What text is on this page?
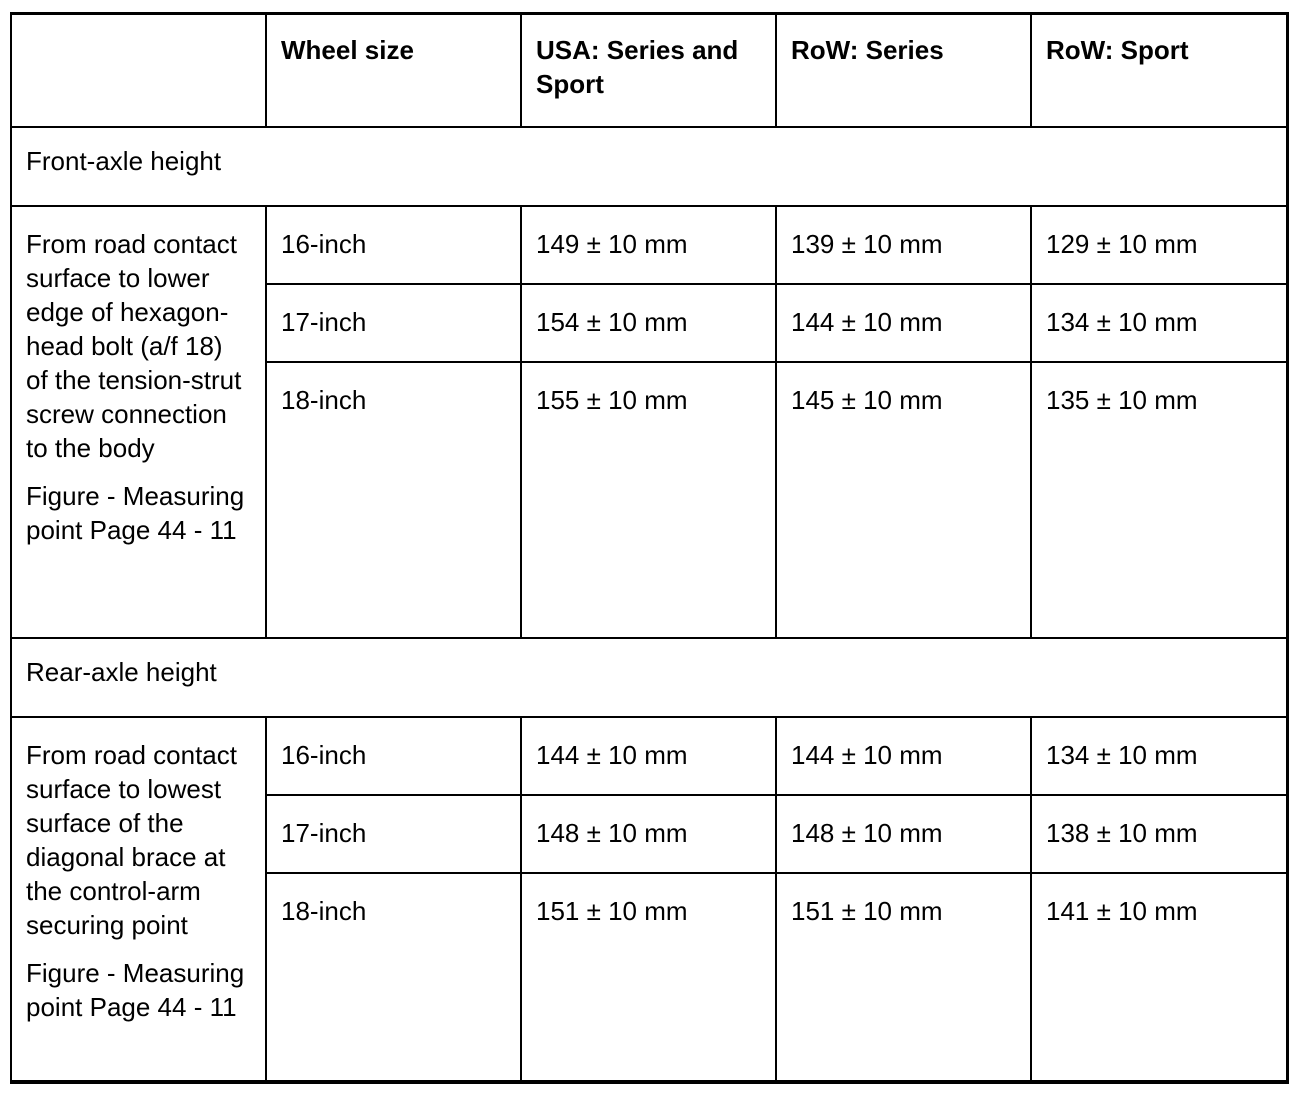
	Wheel size	USA: Series and Sport	RoW: Series	RoW: Sport
Front-axle height				

From road contact surface to lower edge of hexagon-head bolt (a/f 18) of the tension-strut screw connection to the body

Figure - Measuring point Page 44 - 11	16-inch	149 ± 10 mm	139 ± 10 mm	129 ± 10 mm
	17-inch	154 ± 10 mm	144 ± 10 mm	134 ± 10 mm
	18-inch	155 ± 10 mm	145 ± 10 mm	135 ± 10 mm
Rear-axle height				

From road contact surface to lowest surface of the diagonal brace at the control-arm securing point

Figure - Measuring point Page 44 - 11	16-inch	144 ± 10 mm	144 ± 10 mm	134 ± 10 mm
	17-inch	148 ± 10 mm	148 ± 10 mm	138 ± 10 mm
	18-inch	151 ± 10 mm	151 ± 10 mm	141 ± 10 mm
